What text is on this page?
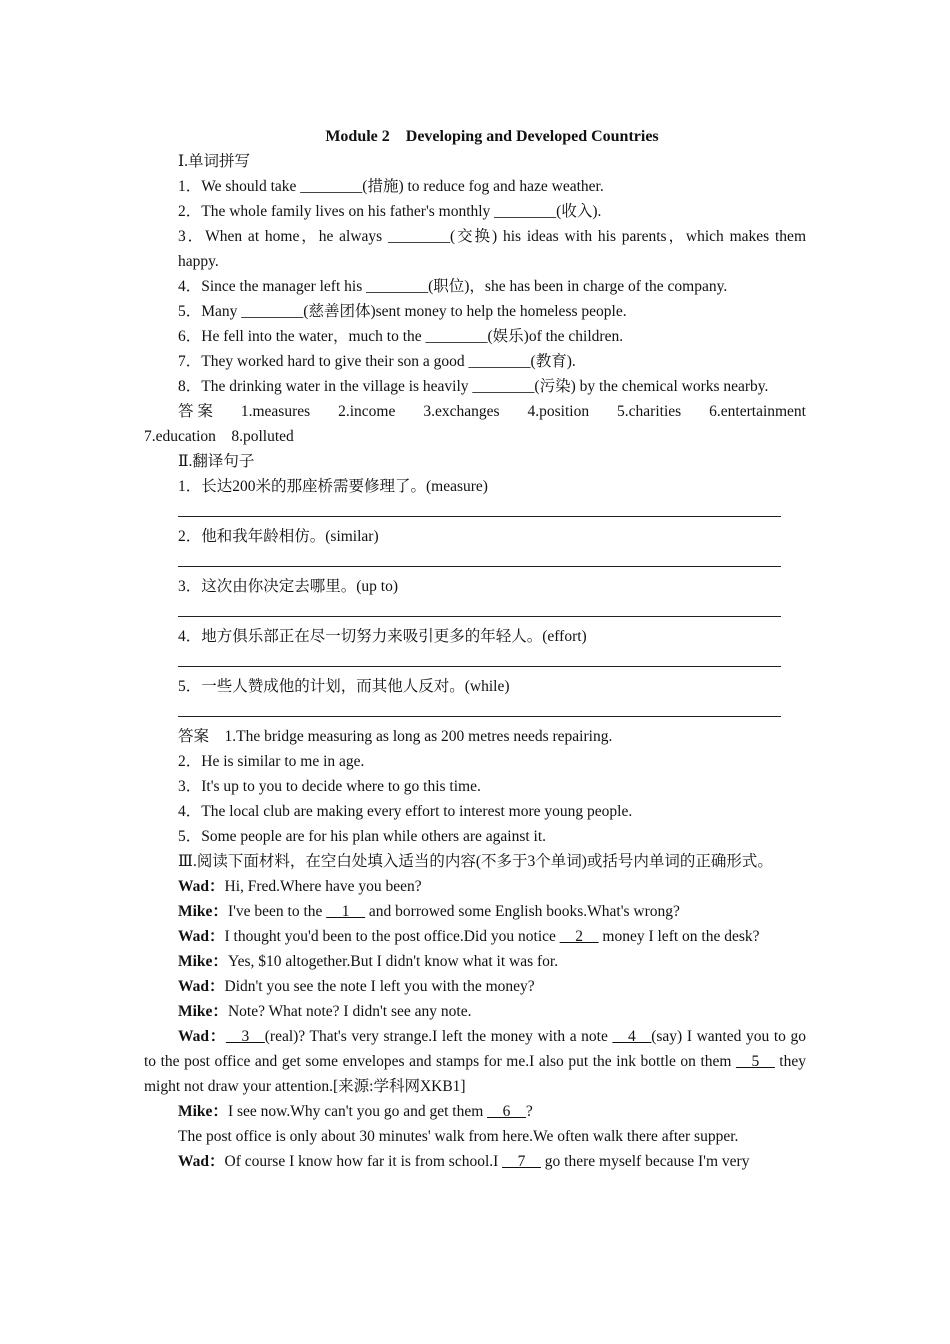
Module 2　Developing and Developed Countries
Ⅰ.单词拼写
1．We should take ________(措施) to reduce fog and haze weather.
2．The whole family lives on his father's monthly ________(收入).
3．When at home，he always ________(交换) his ideas with his parents，which makes them happy.
4．Since the manager left his ________(职位)，she has been in charge of the company.
5．Many ________(慈善团体)sent money to help the homeless people.
6．He fell into the water，much to the ________(娱乐)of the children.
7．They worked hard to give their son a good ________(教育).
8．The drinking water in the village is heavily ________(污染) by the chemical works nearby.
答 案 1.measures 2.income 3.exchanges 4.position 5.charities 6.entertainment
7.education　8.polluted
Ⅱ.翻译句子
1．长达200米的那座桥需要修理了。(measure)
2．他和我年龄相仿。(similar)
3．这次由你决定去哪里。(up to)
4．地方俱乐部正在尽一切努力来吸引更多的年轻人。(effort)
5．一些人赞成他的计划，而其他人反对。(while)
答案 1.The bridge measuring as long as 200 metres needs repairing.
2．He is similar to me in age.
3．It's up to you to decide where to go this time.
4．The local club are making every effort to interest more young people.
5．Some people are for his plan while others are against it.
Ⅲ.阅读下面材料，在空白处填入适当的内容(不多于3个单词)或括号内单词的正确形式。
Wad：Hi, Fred.Where have you been?
Mike：I've been to the __1__ and borrowed some English books.What's wrong?
Wad：I thought you'd been to the post office.Did you notice __2__ money I left on the desk?
Mike：Yes, $10 altogether.But I didn't know what it was for.
Wad：Didn't you see the note I left you with the money?
Mike：Note? What note? I didn't see any note.
Wad：__3__(real)? That's very strange.I left the money with a note __4__(say) I wanted you to go to the post office and get some envelopes and stamps for me.I also put the ink bottle on them __5__ they might not draw your attention.[来源:学科网XKB1]
Mike：I see now.Why can't you go and get them __6__?
The post office is only about 30 minutes' walk from here.We often walk there after supper.
Wad：Of course I know how far it is from school.I __7__ go there myself because I'm very
